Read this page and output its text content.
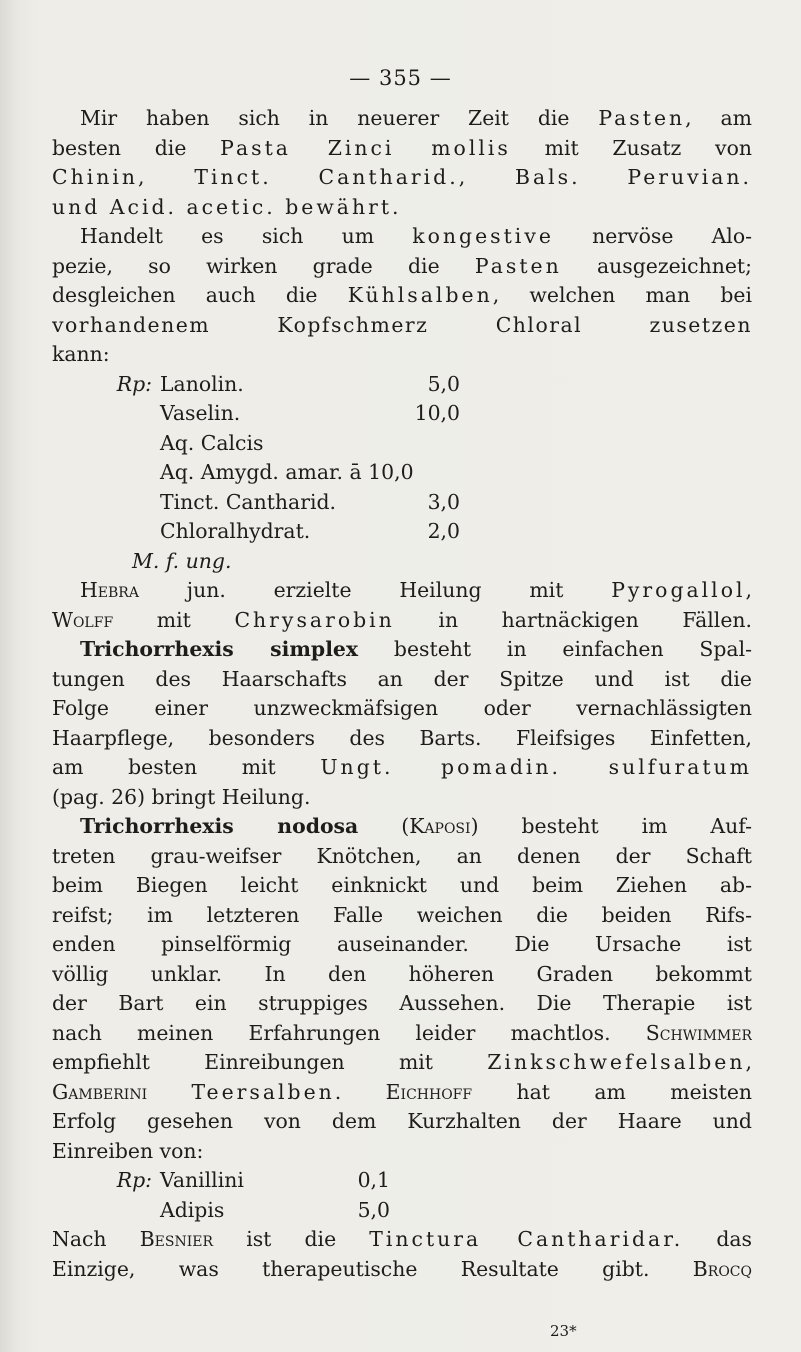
— 355 —
Mir haben sich in neuerer Zeit die Pasten, am
besten die Pasta Zinci mollis mit Zusatz von
Chinin, Tinct. Cantharid., Bals. Peruvian.
und Acid. acetic. bewährt.
Handelt es sich um kongestive nervöse Alo-
pezie, so wirken grade die Pasten ausgezeichnet;
desgleichen auch die Kühlsalben, welchen man bei
vorhandenem Kopfschmerz Chloral zusetzen
kann:
Rp: Lanolin.	5,0
Vaselin.	10,0
Aq. Calcis
Aq. Amygd. amar. ā 10,0
Tinct. Cantharid.	3,0
Chloralhydrat.	2,0
M. f. ung.
Hebra jun. erzielte Heilung mit Pyrogallol,
Wolff mit Chrysarobin in hartnäckigen Fällen.
Trichorrhexis simplex besteht in einfachen Spal-
tungen des Haarschafts an der Spitze und ist die
Folge einer unzweckmäfsigen oder vernachlässigten
Haarpflege, besonders des Barts. Fleifsiges Einfetten,
am besten mit Ungt. pomadin. sulfuratum
(pag. 26) bringt Heilung.
Trichorrhexis nodosa (Kaposi) besteht im Auf-
treten grau-weifser Knötchen, an denen der Schaft
beim Biegen leicht einknickt und beim Ziehen ab-
reifst; im letzteren Falle weichen die beiden Rifs-
enden pinselförmig auseinander. Die Ursache ist
völlig unklar. In den höheren Graden bekommt
der Bart ein struppiges Aussehen. Die Therapie ist
nach meinen Erfahrungen leider machtlos. Schwimmer
empfiehlt Einreibungen mit	Zinkschwefelsalben,
Gamberini Teersalben. Eichhoff hat am meisten
Erfolg gesehen von dem Kurzhalten der Haare und
Einreiben von:
Rp: Vanillini	0,1
Adipis	5,0
Nach Besnier ist die Tinctura Cantharidar. das
Einzige, was therapeutische Resultate gibt. Brocq
23*
